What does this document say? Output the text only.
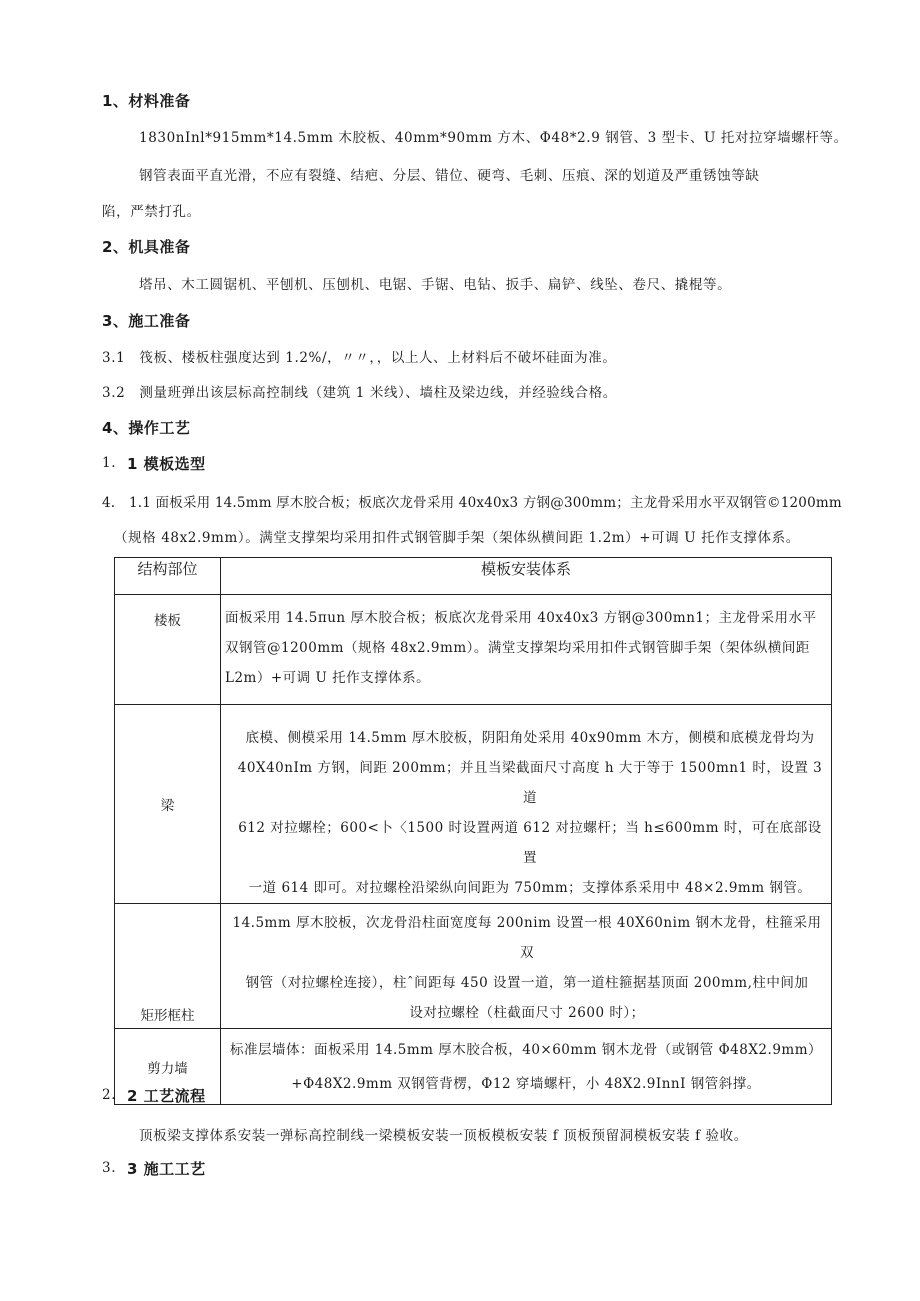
1、材料准备
1830nInl*915mm*14.5mm 木胶板、40mm*90mm 方木、Φ48*2.9 钢管、3 型卡、U 托对拉穿墙螺杆等。
钢管表面平直光滑，不应有裂缝、结疤、分层、错位、硬弯、毛刺、压痕、深的划道及严重锈蚀等缺
陷，严禁打孔。
2、机具准备
塔吊、木工圆锯机、平刨机、压刨机、电锯、手锯、电钻、扳手、扁铲、线坠、卷尺、撬棍等。
3、施工准备
3.1　筏板、楼板柱强度达到 1.2%/，〃〃，，以上人、上材料后不破坏硅面为准。
3.2　测量班弹出该层标高控制线（建筑 1 米线）、墙柱及梁边线，并经验线合格。
4、操作工艺
1. 1 模板选型
4.　1.1 面板采用 14.5mm 厚木胶合板；板底次龙骨采用 40x40x3 方钢@300mm；主龙骨采用水平双钢管©1200mm
（规格 48x2.9mm）。满堂支撑架均采用扣件式钢管脚手架（架体纵横间距 1.2m）+可调 U 托作支撑体系。
结构部位	模板安装体系
楼板	面板采用 14.5πun 厚木胶合板；板底次龙骨采用 40x40x3 方钢@300mn1；主龙骨采用水平
双钢管@1200mm（规格 48x2.9mm）。满堂支撑架均采用扣件式钢管脚手架（架体纵横间距
L2m）+可调 U 托作支撑体系。

梁	底模、侧模采用 14.5mm 厚木胶板，阴阳角处采用 40x90mm 木方，侧模和底模龙骨均为
40X40nIm 方钢，间距 200mm；并且当梁截面尺寸高度 h 大于等于 1500mn1 时，设置 3 道
612 对拉螺栓；600<卜〈1500 时设置两道 612 对拉螺杆；当 h≤600mm 时，可在底部设置
一道 614 即可。对拉螺栓沿梁纵向间距为 750mm；支撑体系采用中 48×2.9mm 钢管。

矩形框柱	14.5mm 厚木胶板，次龙骨沿柱面宽度每 200nim 设置一根 40X60nim 钢木龙骨，柱箍采用双
钢管（对拉螺栓连接），柱ˆ间距每 450 设置一道，第一道柱箍据基顶面 200mm,柱中间加
设对拉螺栓（柱截面尺寸 2600 时）；

剪力墙	标准层墙体：面板采用 14.5mm 厚木胶合板，40×60mm 钢木龙骨（或钢管 Φ48X2.9mm）
+Φ48X2.9mm 双钢管背楞，Φ12 穿墙螺杆，小 48X2.9InnI 钢管斜撑。
2. 2 工艺流程
顶板梁支撑体系安装一弹标高控制线一梁模板安装一顶板模板安装 f 顶板预留洞模板安装 f 验收。
3. 3 施工工艺
